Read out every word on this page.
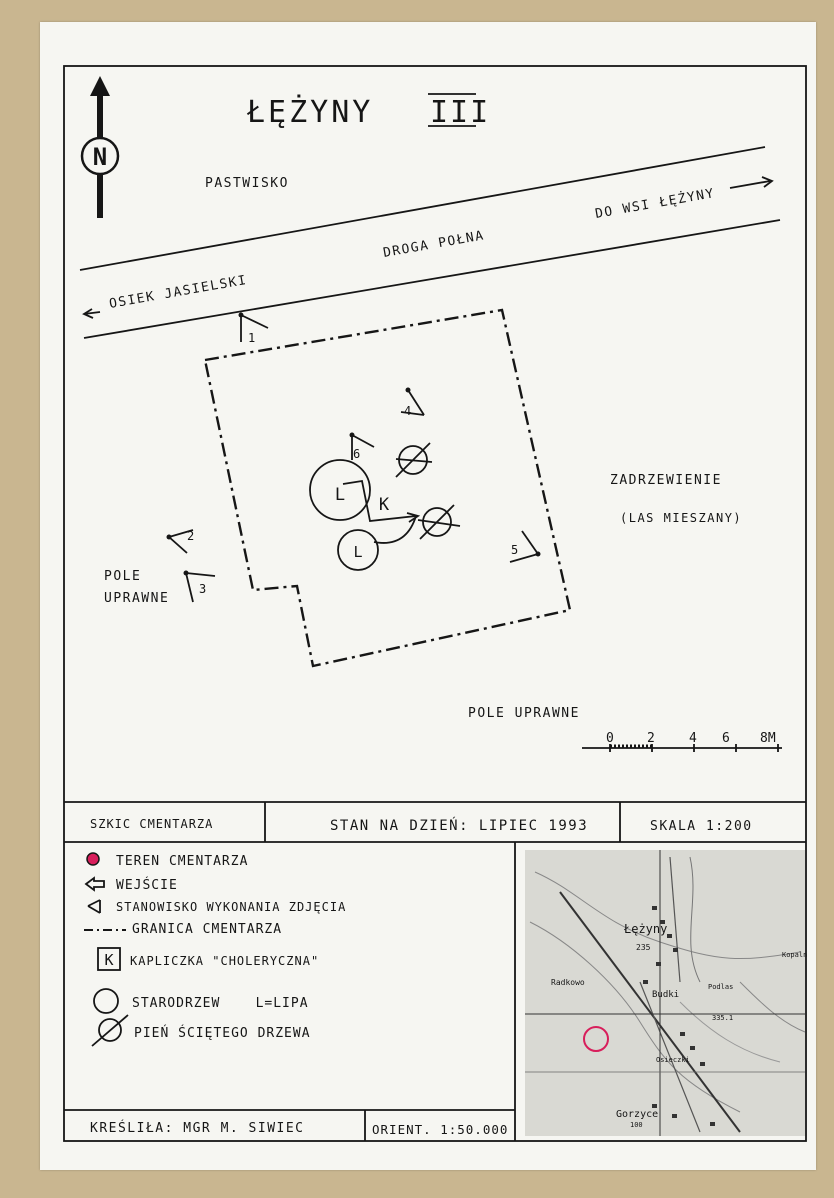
N
ŁĘŻYNY III
PASTWISKO
DROGA POŁNA
DO WSI ŁĘŻYNY
OSIEK JASIELSKI
L
L
K
1
4
6
2
3
5
ZADRZEWIENIE
(LAS MIESZANY)
POLE
UPRAWNE
POLE UPRAWNE
0	2	4 6 8M
SZKIC CMENTARZA	STAN NA DZIEŃ: LIPIEC 1993	SKALA 1:200
TEREN CMENTARZA
WEJŚCIE
STANOWISKO WYKONANIA ZDJĘCIA
GRANICA CMENTARZA
K KAPLICZKA "CHOLERYCZNA"
STARODRZEW    L=LIPA
PIEŃ ŚCIĘTEGO DRZEWA
Łężyny
235
Radkowo
Budki
Podlas
Kopaln
335.1
Osieczki
Gorzyce
100
KREŚLIŁA: MGR M. SIWIEC	ORIENT. 1:50.000
